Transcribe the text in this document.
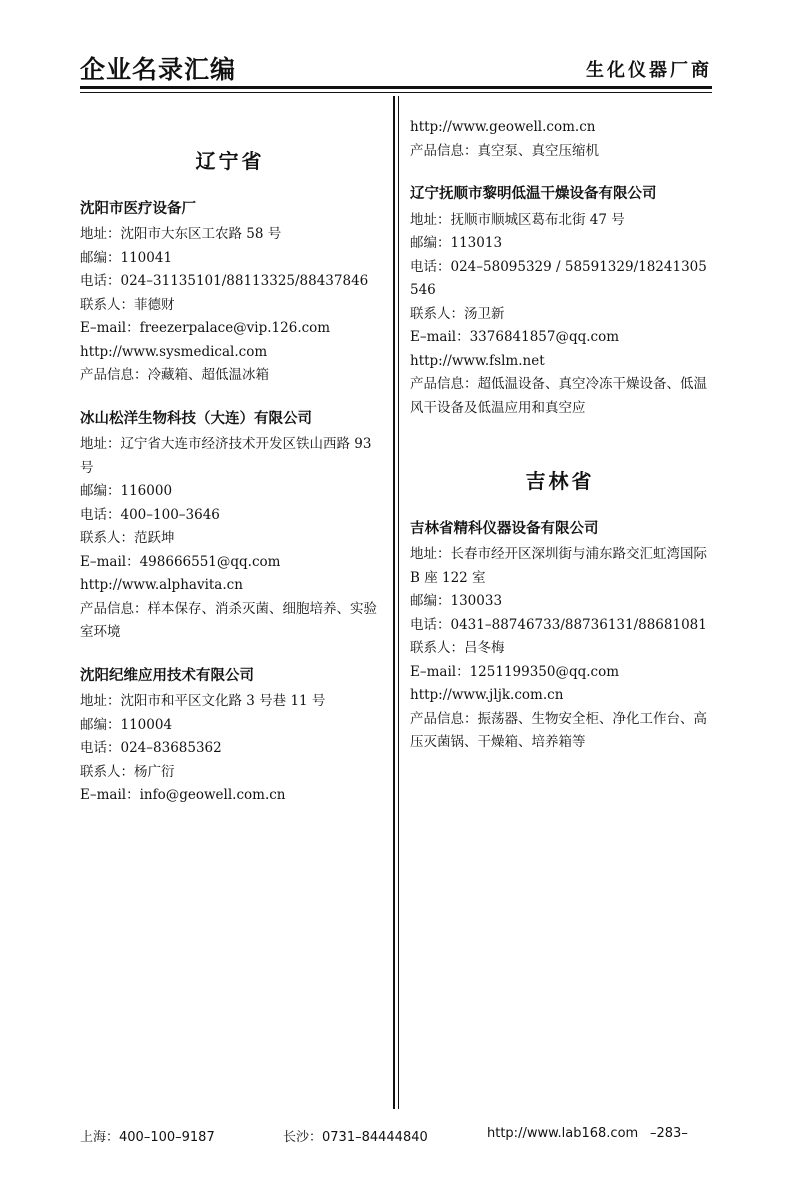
企业名录汇编	生化仪器厂商
辽宁省
沈阳市医疗设备厂
地址：沈阳市大东区工农路 58 号
邮编：110041
电话：024–31135101/88113325/88437846
联系人：菲德财
E–mail：freezerpalace@vip.126.com
http://www.sysmedical.com
产品信息：冷藏箱、超低温冰箱
冰山松洋生物科技（大连）有限公司
地址：辽宁省大连市经济技术开发区铁山西路 93 号
邮编：116000
电话：400–100–3646
联系人：范跃坤
E–mail：498666551@qq.com
http://www.alphavita.cn
产品信息：样本保存、消杀灭菌、细胞培养、实验室环境
沈阳纪维应用技术有限公司
地址：沈阳市和平区文化路 3 号巷 11 号
邮编：110004
电话：024–83685362
联系人：杨广衍
E–mail：info@geowell.com.cn
http://www.geowell.com.cn
产品信息：真空泵、真空压缩机
辽宁抚顺市黎明低温干燥设备有限公司
地址：抚顺市顺城区葛布北街 47 号
邮编：113013
电话：024–58095329 / 58591329/18241305546
联系人：汤卫新
E–mail：3376841857@qq.com
http://www.fslm.net
产品信息：超低温设备、真空冷冻干燥设备、低温风干设备及低温应用和真空应
吉林省
吉林省精科仪器设备有限公司
地址：长春市经开区深圳街与浦东路交汇虹湾国际 B 座 122 室
邮编：130033
电话：0431–88746733/88736131/88681081
联系人：吕冬梅
E–mail：1251199350@qq.com
http://www.jljk.com.cn
产品信息：振荡器、生物安全柜、净化工作台、高压灭菌锅、干燥箱、培养箱等
上海：400–100–9187	长沙：0731–84444840	http://www.lab168.com –283–
